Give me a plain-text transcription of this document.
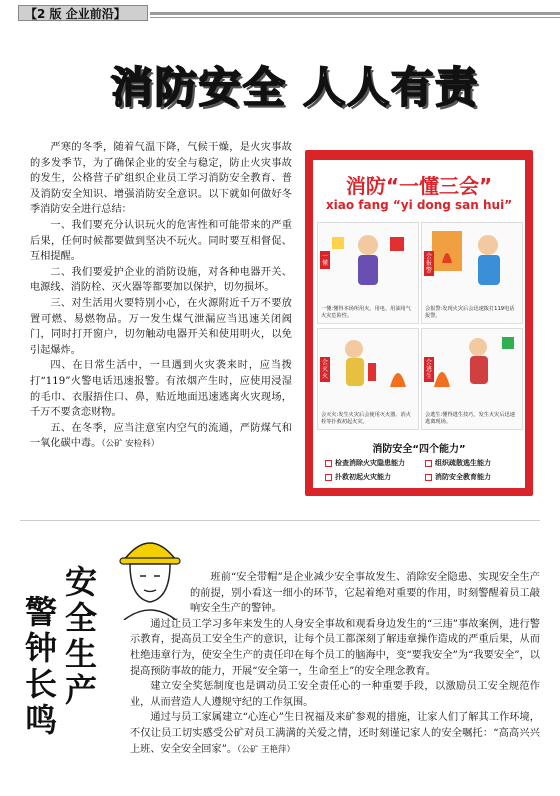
【2 版 企业前沿】
消防安全 人人有责

严寒的冬季，随着气温下降，气候干燥，是火灾事故的多发季节，为了确保企业的安全与稳定，防止火灾事故的发生，公格营子矿组织企业员工学习消防安全教育、普及消防安全知识、增强消防安全意识。以下就如何做好冬季消防安全进行总结：

一、我们要充分认识玩火的危害性和可能带来的严重后果，任何时候都要做到坚决不玩火。同时要互相督促、互相提醒。

二、我们要爱护企业的消防设施，对各种电器开关、电源线、消防栓、灭火器等都要加以保护，切勿损坏。

三、对生活用火要特别小心，在火源附近千万不要放置可燃、易燃物品。万一发生煤气泄漏应当迅速关闭阀门，同时打开窗户，切勿触动电器开关和使用明火，以免引起爆炸。

四、在日常生活中，一旦遇到火灾袭来时，应当拨打“119”火警电话迅速报警。有浓烟产生时，应使用浸湿的毛巾、衣服捂住口、鼻，贴近地面迅速逃离火灾现场，千万不要贪恋财物。

五、在冬季，应当注意室内空气的流通，严防煤气和一氧化碳中毒。（公矿 安检科）

消防“一懂三会”
xiao fang “yi dong san hui”
一懂
一懂:懂得本场所用火、用电、用油用气火灾危险性。
会报警
会报警:发现火灾后会迅速拨打119电话报警。
会灭火
会灭火:发生火灾后会使用灭火器、消火栓等扑救初起火灾。
会逃生
会逃生:懂得逃生技巧，发生火灾后迅速逃离现场。
消防安全“四个能力”
检查消除火灾隐患能力	组织疏散逃生能力
扑救初起火灾能力	消防安全教育能力
安全生产
警钟长鸣

班前“安全带帽”是企业减少安全事故发生、消除安全隐患、实现安全生产的前提，别小看这一细小的环节，它起着绝对重要的作用，时刻警醒着员工敲响安全生产的警钟。

通过让员工学习多年来发生的人身安全事故和观看身边发生的“三违”事故案例，进行警示教育，提高员工安全生产的意识，让每个员工都深刻了解违章操作造成的严重后果，从而杜绝违章行为，使安全生产的责任印在每个员工的脑海中，变“要我安全”为“我要安全”，以提高预防事故的能力，开展“安全第一，生命至上”的安全理念教育。

建立安全奖惩制度也是调动员工安全责任心的一种重要手段，以激励员工安全规范作业，从而营造人人遵规守纪的工作氛围。

通过与员工家属建立“心连心”生日祝福及来矿参观的措施，让家人们了解其工作环境，不仅让员工切实感受公矿对员工满满的关爱之情，还时刻谨记家人的安全嘱托：“高高兴兴上班、安全安全回家”。（公矿 王艳萍）
